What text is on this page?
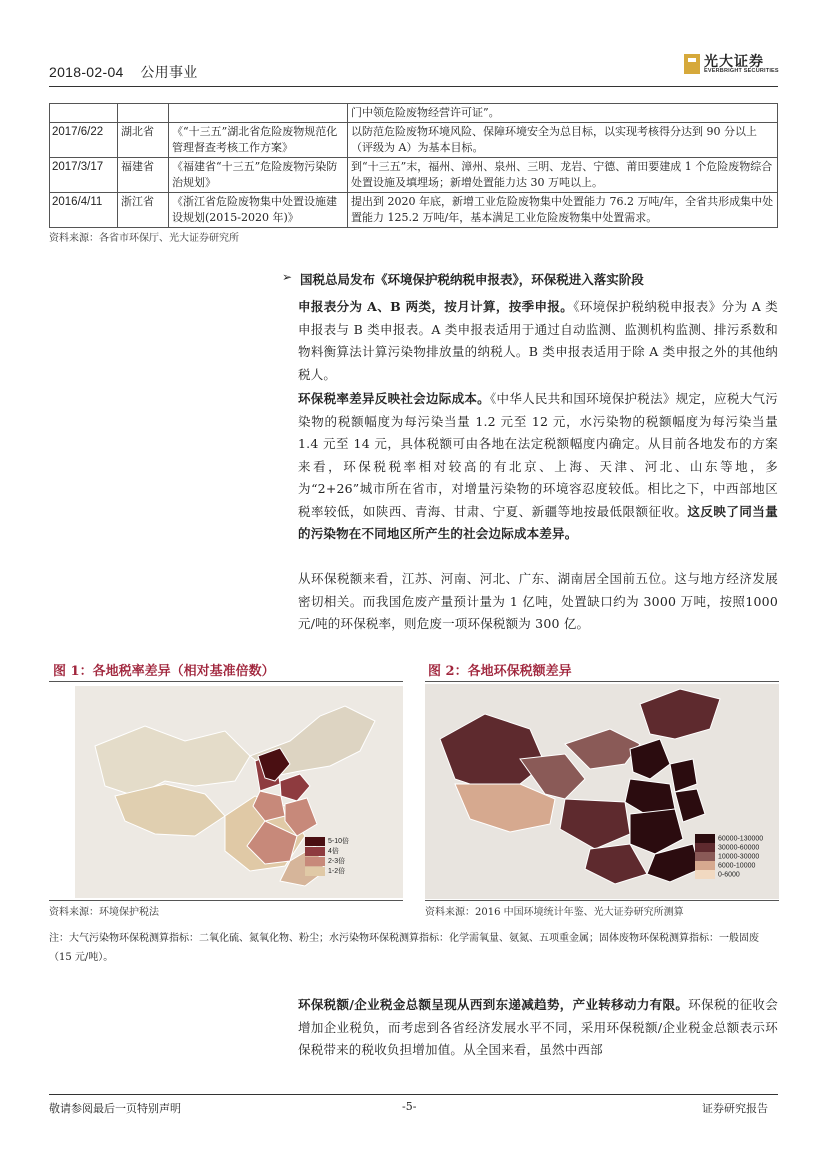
2018-02-04    公用事业
光大证券
EVERBRIGHT SECURITIES
			门中领危险废物经营许可证”。
2017/6/22	湖北省	《“十三五”湖北省危险废物规范化管理督查考核工作方案》	以防范危险废物环境风险、保障环境安全为总目标，以实现考核得分达到 90 分以上（评级为 A）为基本目标。
2017/3/17	福建省	《福建省“十三五”危险废物污染防治规划》	到“十三五”末，福州、漳州、泉州、三明、龙岩、宁德、莆田要建成 1 个危险废物综合处置设施及填埋场；新增处置能力达 30 万吨以上。
2016/4/11	浙江省	《浙江省危险废物集中处置设施建设规划(2015-2020 年)》	提出到 2020 年底，新增工业危险废物集中处置能力 76.2 万吨/年，全省共形成集中处置能力 125.2 万吨/年，基本满足工业危险废物集中处置需求。
资料来源：各省市环保厅、光大证券研究所
➢ 国税总局发布《环境保护税纳税申报表》，环保税进入落实阶段
申报表分为 A、B 两类，按月计算，按季申报。《环境保护税纳税申报表》分为 A 类申报表与 B 类申报表。A 类申报表适用于通过自动监测、监测机构监测、排污系数和物料衡算法计算污染物排放量的纳税人。B 类申报表适用于除 A 类申报之外的其他纳税人。
环保税率差异反映社会边际成本。《中华人民共和国环境保护税法》规定，应税大气污染物的税额幅度为每污染当量 1.2 元至 12 元，水污染物的税额幅度为每污染当量 1.4 元至 14 元，具体税额可由各地在法定税额幅度内确定。从目前各地发布的方案来看，环保税税率相对较高的有北京、上海、天津、河北、山东等地，多为“2+26”城市所在省市，对增量污染物的环境容忍度较低。相比之下，中西部地区税率较低，如陕西、青海、甘肃、宁夏、新疆等地按最低限额征收。这反映了同当量的污染物在不同地区所产生的社会边际成本差异。
从环保税额来看，江苏、河南、河北、广东、湖南居全国前五位。这与地方经济发展密切相关。而我国危废产量预计量为 1 亿吨，处置缺口约为 3000 万吨，按照1000 元/吨的环保税率，则危废一项环保税额为 300 亿。
图 1：各地税率差异（相对基准倍数）
5-10倍
4倍
2-3倍
1-2倍
资料来源：环境保护税法
图 2：各地环保税额差异
60000-130000
30000-60000
10000-30000
6000-10000
0-6000
资料来源：2016 中国环境统计年鉴、光大证券研究所测算
注：大气污染物环保税测算指标：二氧化硫、氮氧化物、粉尘；水污染物环保税测算指标：化学需氧量、氨氮、五项重金属；固体废物环保税测算指标：一般固废（15 元/吨）。
环保税额/企业税金总额呈现从西到东递减趋势，产业转移动力有限。环保税的征收会增加企业税负，而考虑到各省经济发展水平不同，采用环保税额/企业税金总额表示环保税带来的税收负担增加值。从全国来看，虽然中西部
敬请参阅最后一页特别声明	-5-	证券研究报告
